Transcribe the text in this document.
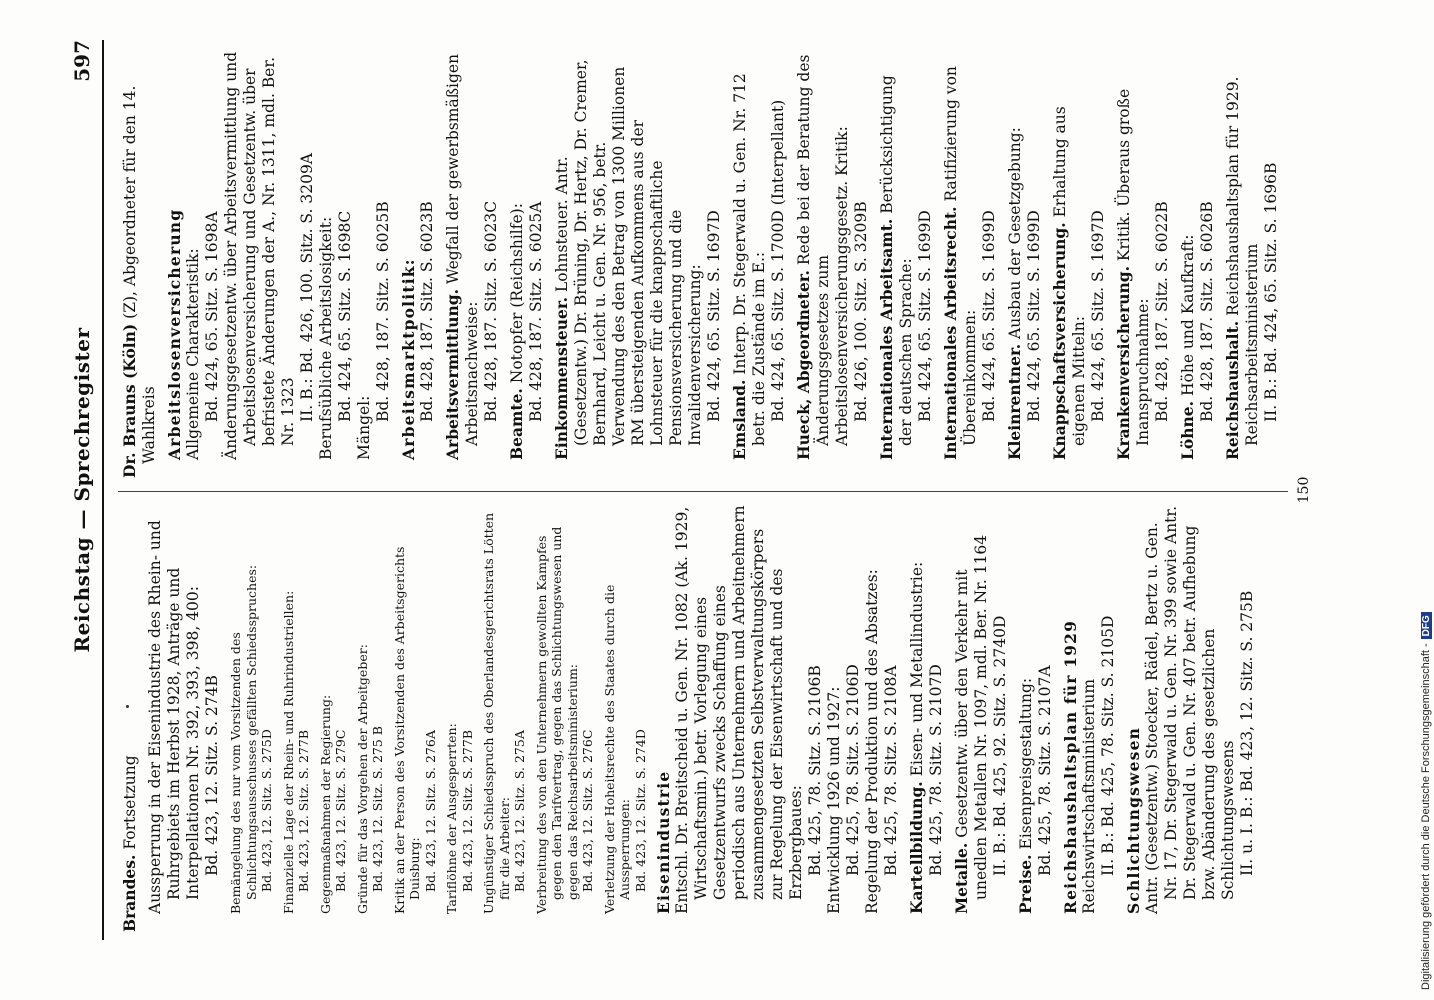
Reichstag — Sprechregister
597
Brandes. Fortsetzung Aussperrung in der Eisenindustrie des Rhein- und Ruhrgebiets im Herbst 1928, Anträge und Interpellationen Nr. 392, 393, 398, 400: Bd. 423, 12. Sitz. S. 274B Bemängelung des nur vom Vorsitzenden des Schlichtungsausschusses gefällten Schiedsspruches: Bd. 423, 12. Sitz. S. 275D Finanzielle Lage der Rhein- und Ruhrindustriellen: Bd. 423, 12. Sitz. S. 277B Gegenmaßnahmen der Regierung: Bd. 423, 12. Sitz. S. 279C Gründe für das Vorgehen der Arbeitgeber: Bd. 423, 12. Sitz. S. 275 B Kritik an der Person des Vorsitzenden des Arbeitsgerichts Duisburg: Bd. 423, 12. Sitz. S. 276A Tariflöhne der Ausgesperrten: Bd. 423, 12. Sitz. S. 277B Ungünstiger Schiedsspruch des Oberlandesgerichtsrats Lötten für die Arbeiter: Bd. 423, 12. Sitz. S. 275A Verbreitung des von den Unternehmern gewollten Kampfes gegen den Tarifvertrag, gegen das Schlichtungswesen und gegen das Reichsarbeitsministerium: Bd. 423, 12. Sitz. S. 276C Verletzung der Hoheitsrechte des Staates durch die Aussperrungen: Bd. 423, 12. Sitz. S. 274D Eisenindustrie Entschl. Dr. Breitscheid u. Gen. Nr. 1082 (Ak. 1929, Wirtschaftsmin.) betr. Vorlegung eines Gesetzentwurfs zwecks Schaffung eines periodisch aus Unternehmern und Arbeitnehmern zusammengesetzten Selbstverwaltungskörpers zur Regelung der Eisenwirtschaft und des Erzbergbaues: Bd. 425, 78. Sitz. S. 2106B Entwicklung 1926 und 1927: Bd. 425, 78. Sitz. S. 2106D Regelung der Produktion und des Absatzes: Bd. 425, 78. Sitz. S. 2108A Kartellbildung. Eisen- und Metallindustrie: Bd. 425, 78. Sitz. S. 2107D
Metalle. Gesetzentw. über den Verkehr mit unedlen Metallen Nr. 1097, mdl. Ber. Nr. 1164 II. B.: Bd. 425, 92. Sitz. S. 2740D
Preise. Eisenpreisgestaltung: Bd. 425, 78. Sitz. S. 2107A Reichshaushaltsplan für 1929 Reichswirtschaftsministerium II. B.: Bd. 425, 78. Sitz. S. 2105D Schlichtungswesen Antr. (Gesetzentw.) Stoecker, Rädel, Bertz u. Gen. Nr. 17, Dr. Stegerwald u. Gen. Nr. 399 sowie Antr. Dr. Stegerwald u. Gen. Nr. 407 betr. Aufhebung bzw. Abänderung des gesetzlichen Schlichtungswesens II. u. I. B.: Bd. 423, 12. Sitz. S. 275B
Dr. Brauns (Köln) (Z), Abgeordneter für den 14. Wahlkreis Arbeitslosenversicherung Allgemeine Charakteristik: Bd. 424, 65. Sitz. S. 1698A Änderungsgesetzentw. über Arbeitsvermittlung und Arbeitslosenversicherung und Gesetzentw. über befristete Änderungen der A., Nr. 1311, mdl. Ber. Nr. 1323 II. B.: Bd. 426, 100. Sitz. S. 3209A Berufsübliche Arbeitslosigkeit: Bd. 424, 65. Sitz. S. 1698C
Mängel:
Bd. 428, 187. Sitz. S. 6025B Arbeitsmarktpolitik: Bd. 428, 187. Sitz. S. 6023B Arbeitsvermittlung. Wegfall der gewerbsmäßigen Arbeitsnachweise: Bd. 428, 187. Sitz. S. 6023C
Beamte. Notopfer (Reichshilfe): Bd. 428, 187. Sitz. S. 6025A Einkommensteuer. Lohnsteuer. Antr. (Gesetzentw.) Dr. Brüning, Dr. Hertz, Dr. Cremer, Bernhard, Leicht u. Gen. Nr. 956, betr. Verwendung des den Betrag von 1300 Millionen RM übersteigenden Aufkommens aus der Lohnsteuer für die knappschaftliche Pensionsversicherung und die Invalidenversicherung: Bd. 424, 65. Sitz. S. 1697D Emsland. Interp. Dr. Stegerwald u. Gen. Nr. 712 betr. die Zustände im E.: Bd. 424, 65. Sitz. S. 1700D (Interpellant) Hueck, Abgeordneter. Rede bei der Beratung des Änderungsgesetzes zum Arbeitslosenversicherungsgesetz. Kritik: Bd. 426, 100. Sitz. S. 3209B Internationales Arbeitsamt. Berücksichtigung der deutschen Sprache: Bd. 424, 65. Sitz. S. 1699D Internationales Arbeitsrecht. Ratifizierung von Übereinkommen: Bd. 424, 65. Sitz. S. 1699D Kleinrentner. Ausbau der Gesetzgebung: Bd. 424, 65. Sitz. S. 1699D Knappschaftsversicherung. Erhaltung aus eigenen Mitteln: Bd. 424, 65. Sitz. S. 1697D Krankenversicherung. Kritik. Überaus große Inanspruchnahme: Bd. 428, 187. Sitz. S. 6022B
Löhne. Höhe und Kaufkraft: Bd. 428, 187. Sitz. S. 6026B Reichshaushalt. Reichshaushaltsplan für 1929. Reichsarbeitsministerium II. B.: Bd. 424, 65. Sitz. S. 1696B
150
Digitalisierung gefördert durch die Deutsche Forschungsgemeinschaft -DFG
